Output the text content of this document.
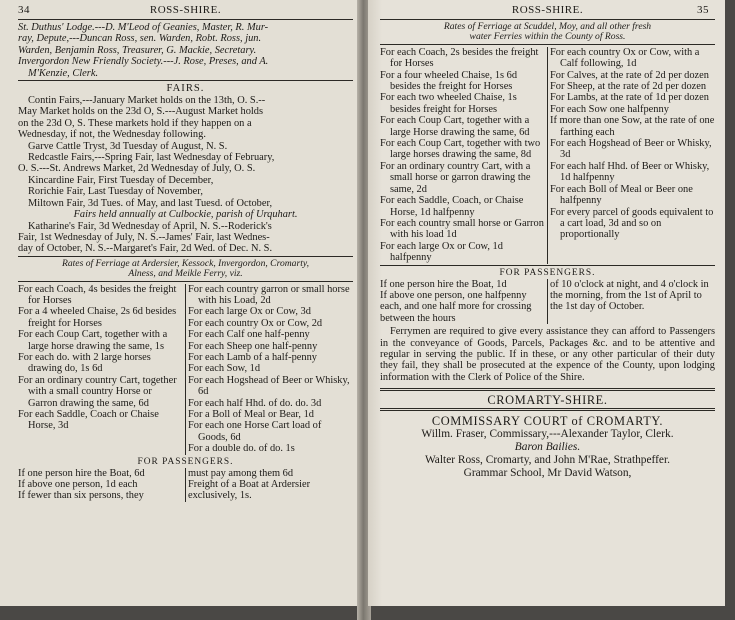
34	ROSS-SHIRE.

St. Duthus' Lodge.---D. M'Leod of Geanies, Master, R. Mur-

ray, Depute,---Duncan Ross, sen. Warden, Robt. Ross, jun.

Warden, Benjamin Ross, Treasurer, G. Mackie, Secretary.

Invergordon New Friendly Society.---J. Rose, Preses, and A.

M'Kenzie, Clerk.

FAIRS.

Contin Fairs,---January Market holds on the 13th, O. S.--

May Market holds on the 23d O, S.---August Market holds

on the 23d O, S. These markets hold if they happen on a

Wednesday, if not, the Wednesday following.

Garve Cattle Tryst, 3d Tuesday of August, N. S.

Redcastle Fairs,---Spring Fair, last Wednesday of February,

O. S.---St. Andrews Market, 2d Wednesday of July, O. S.

Kincardine Fair, First Tuesday of December,

Rorichie Fair, Last Tuesday of November,

Miltown Fair, 3d Tues. of May, and last Tuesd. of October,

Fairs held annually at Culbockie, parish of Urquhart.

Katharine's Fair, 3d Wednesday of April, N. S.--Roderick's

Fair, 1st Wednesday of July, N. S.--James' Fair, last Wednes-

day of October, N. S.--Margaret's Fair, 2d Wed. of Dec. N. S.

Rates of Ferriage at Ardersier, Kessock, Invergordon, Cromarty,

Alness, and Meikle Ferry, viz.

For each Coach, 4s besides the freight for Horses

For a 4 wheeled Chaise, 2s 6d besides freight for Horses

For each Coup Cart, together with a large horse drawing the same, 1s

For each do. with 2 large horses drawing do, 1s 6d

For an ordinary country Cart, together with a small country Horse or Garron drawing the same, 6d

For each Saddle, Coach or Chaise Horse, 3d

For each country garron or small horse with his Load, 2d

For each large Ox or Cow, 3d

For each country Ox or Cow, 2d

For each Calf one half-penny

For each Sheep one half-penny

For each Lamb of a half-penny

For each Sow, 1d

For each Hogshead of Beer or Whisky, 6d

For each half Hhd. of do. do. 3d

For a Boll of Meal or Bear, 1d

For each one Horse Cart load of Goods, 6d

For a double do. of do. 1s

FOR PASSENGERS.

If one person hire the Boat, 6d

If above one person, 1d each

If fewer than six persons, they

must pay among them 6d

Freight of a Boat at Ardersier

exclusively, 1s.

ROSS-SHIRE.	35

Rates of Ferriage at Scuddel, Moy, and all other fresh

water Ferries within the County of Ross.

For each Coach, 2s besides the freight for Horses

For a four wheeled Chaise, 1s 6d besides the freight for Horses

For each two wheeled Chaise, 1s besides freight for Horses

For each Coup Cart, together with a large Horse drawing the same, 6d

For each Coup Cart, together with two large horses drawing the same, 8d

For an ordinary country Cart, with a small horse or garron drawing the same, 2d

For each Saddle, Coach, or Chaise Horse, 1d halfpenny

For each country small horse or Garron with his load 1d

For each large Ox or Cow, 1d halfpenny

For each country Ox or Cow, with a Calf following, 1d

For Calves, at the rate of 2d per dozen

For Sheep, at the rate of 2d per dozen

For Lambs, at the rate of 1d per dozen

For each Sow one halfpenny

If more than one Sow, at the rate of one farthing each

For each Hogshead of Beer or Whisky, 3d

For each half Hhd. of Beer or Whisky, 1d halfpenny

For each Boll of Meal or Beer one halfpenny

For every parcel of goods equivalent to a cart load, 3d and so on proportionally

FOR PASSENGERS.

If one person hire the Boat, 1d

If above one person, one halfpenny each, and one half more for crossing between the hours

of 10 o'clock at night, and 4 o'clock in the morning, from the 1st of April to the 1st day of October.

Ferrymen are required to give every assistance they can afford to Passengers in the conveyance of Goods, Parcels, Packages &c. and to be attentive and regular in serving the public. If in these, or any other particular of their duty they fail, they shall be prosecuted at the expence of the County, upon lodging information with the Clerk of Police of the Shire.

CROMARTY-SHIRE.
COMMISSARY COURT of CROMARTY.
Willm. Fraser, Commissary,---Alexander Taylor, Clerk.
Baron Bailies.
Walter Ross, Cromarty, and John M'Rae, Strathpeffer.
Grammar School, Mr David Watson,
